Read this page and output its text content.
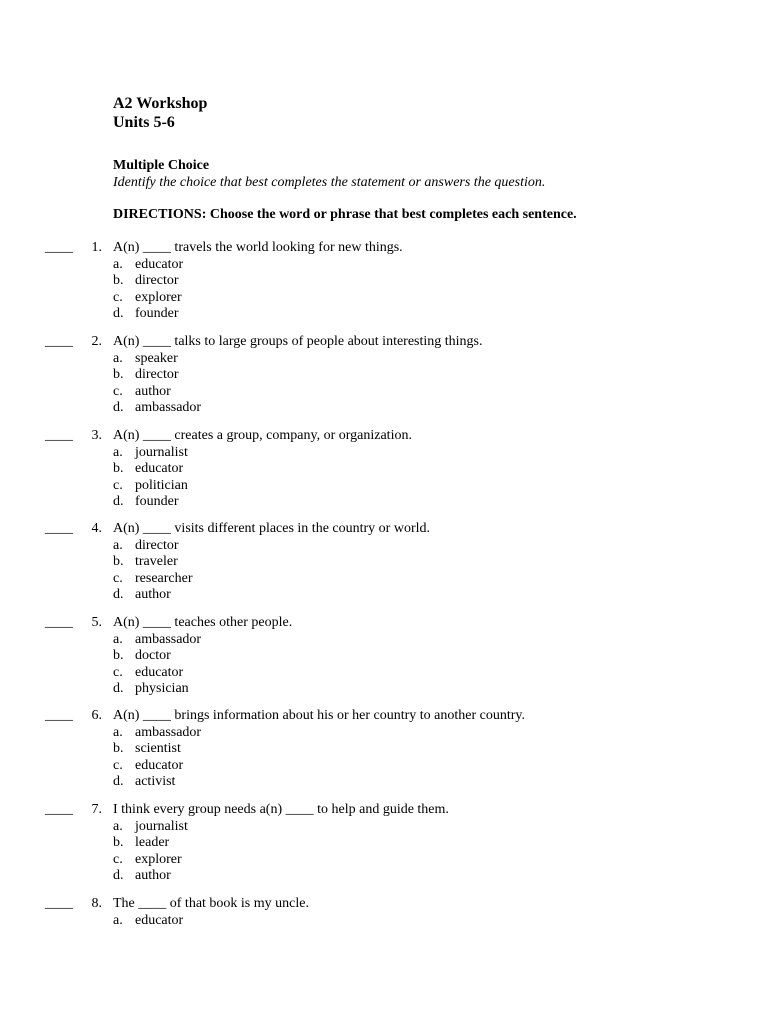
A2 Workshop
Units 5-6
Multiple Choice
Identify the choice that best completes the statement or answers the question.
DIRECTIONS: Choose the word or phrase that best completes each sentence.
____	1. A(n) ____ travels the world looking for new things.
a. educator
b. director
c. explorer
d. founder
____	2. A(n) ____ talks to large groups of people about interesting things.
a. speaker
b. director
c. author
d. ambassador
____	3. A(n) ____ creates a group, company, or organization.
a. journalist
b. educator
c. politician
d. founder
____	4. A(n) ____ visits different places in the country or world.
a. director
b. traveler
c. researcher
d. author
____	5. A(n) ____ teaches other people.
a. ambassador
b. doctor
c. educator
d. physician
____	6. A(n) ____ brings information about his or her country to another country.
a. ambassador
b. scientist
c. educator
d. activist
____	7. I think every group needs a(n) ____ to help and guide them.
a. journalist
b. leader
c. explorer
d. author
____	8. The ____ of that book is my uncle.
a. educator
